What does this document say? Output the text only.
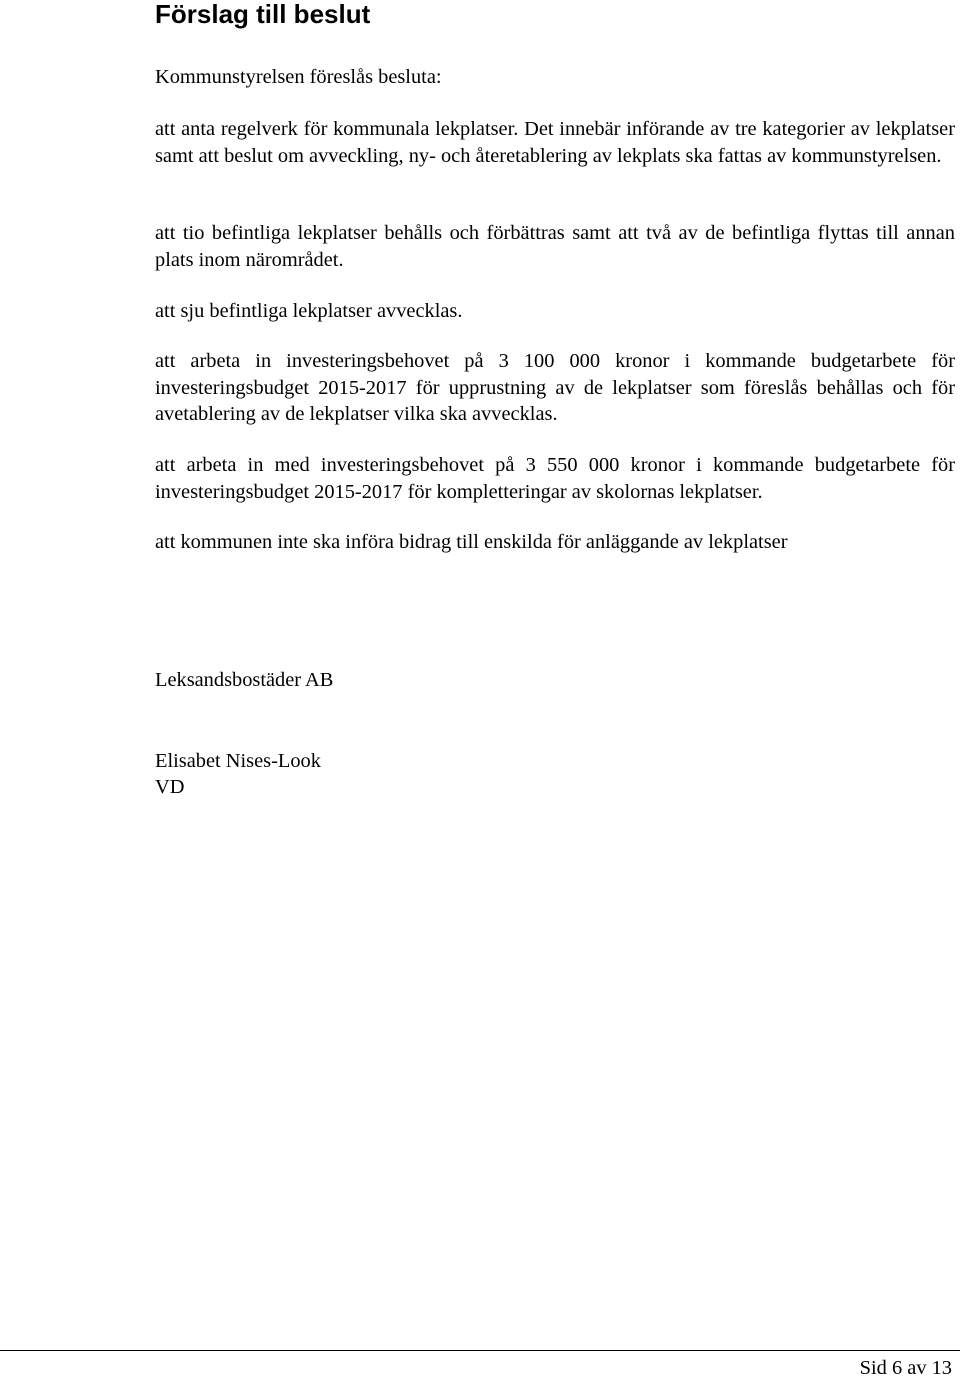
Förslag till beslut

Kommunstyrelsen föreslås besluta:

att anta regelverk för kommunala lekplatser. Det innebär införande av tre kategorier av lekplatser samt att beslut om avveckling, ny- och återetablering av lekplats ska fattas av kommunstyrelsen.

att tio befintliga lekplatser behålls och förbättras samt att två av de befintliga flyttas till annan plats inom närområdet.

att sju befintliga lekplatser avvecklas.

att arbeta in investeringsbehovet på 3 100 000 kronor i kommande budgetarbete för investeringsbudget 2015-2017 för upprustning av de lekplatser som föreslås behållas och för avetablering av de lekplatser vilka ska avvecklas.

att arbeta in med investeringsbehovet på 3 550 000 kronor i kommande budgetarbete för investeringsbudget 2015-2017 för kompletteringar av skolornas lekplatser.

att kommunen inte ska införa bidrag till enskilda för anläggande av lekplatser

Leksandsbostäder AB

Elisabet Nises-Look

VD

Sid 6 av 13
